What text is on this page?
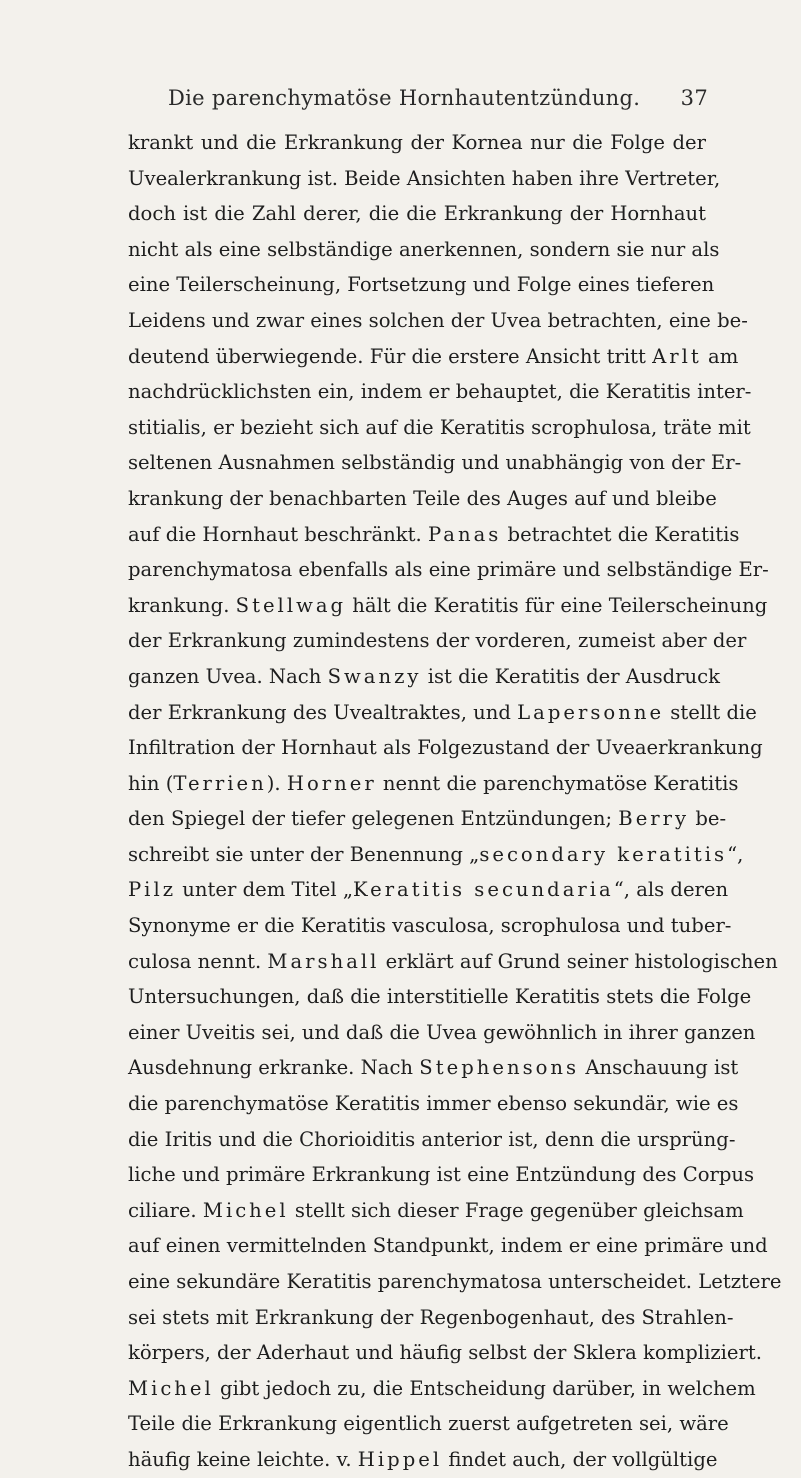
Die parenchymatöse Hornhautentzündung. 37
krankt und die Erkrankung der Kornea nur die Folge der
Uvealerkrankung ist. Beide Ansichten haben ihre Vertreter,
doch ist die Zahl derer, die die Erkrankung der Hornhaut
nicht als eine selbständige anerkennen, sondern sie nur als
eine Teilerscheinung, Fortsetzung und Folge eines tieferen
Leidens und zwar eines solchen der Uvea betrachten, eine be-
deutend überwiegende. Für die erstere Ansicht tritt Arlt am
nachdrücklichsten ein, indem er behauptet, die Keratitis inter-
stitialis, er bezieht sich auf die Keratitis scrophulosa, träte mit
seltenen Ausnahmen selbständig und unabhängig von der Er-
krankung der benachbarten Teile des Auges auf und bleibe
auf die Hornhaut beschränkt. Panas betrachtet die Keratitis
parenchymatosa ebenfalls als eine primäre und selbständige Er-
krankung. Stellwag hält die Keratitis für eine Teilerscheinung
der Erkrankung zumindestens der vorderen, zumeist aber der
ganzen Uvea. Nach Swanzy ist die Keratitis der Ausdruck
der Erkrankung des Uvealtraktes, und Lapersonne stellt die
Infiltration der Hornhaut als Folgezustand der Uveaerkrankung
hin (Terrien). Horner nennt die parenchymatöse Keratitis
den Spiegel der tiefer gelegenen Entzündungen; Berry be-
schreibt sie unter der Benennung „secondary keratitis“,
Pilz unter dem Titel „Keratitis secundaria“, als deren
Synonyme er die Keratitis vasculosa, scrophulosa und tuber-
culosa nennt. Marshall erklärt auf Grund seiner histologischen
Untersuchungen, daß die interstitielle Keratitis stets die Folge
einer Uveitis sei, und daß die Uvea gewöhnlich in ihrer ganzen
Ausdehnung erkranke. Nach Stephensons Anschauung ist
die parenchymatöse Keratitis immer ebenso sekundär, wie es
die Iritis und die Chorioiditis anterior ist, denn die ursprüng-
liche und primäre Erkrankung ist eine Entzündung des Corpus
ciliare. Michel stellt sich dieser Frage gegenüber gleichsam
auf einen vermittelnden Standpunkt, indem er eine primäre und
eine sekundäre Keratitis parenchymatosa unterscheidet. Letztere
sei stets mit Erkrankung der Regenbogenhaut, des Strahlen-
körpers, der Aderhaut und häufig selbst der Sklera kompliziert.
Michel gibt jedoch zu, die Entscheidung darüber, in welchem
Teile die Erkrankung eigentlich zuerst aufgetreten sei, wäre
häufig keine leichte. v. Hippel findet auch, der vollgültige
